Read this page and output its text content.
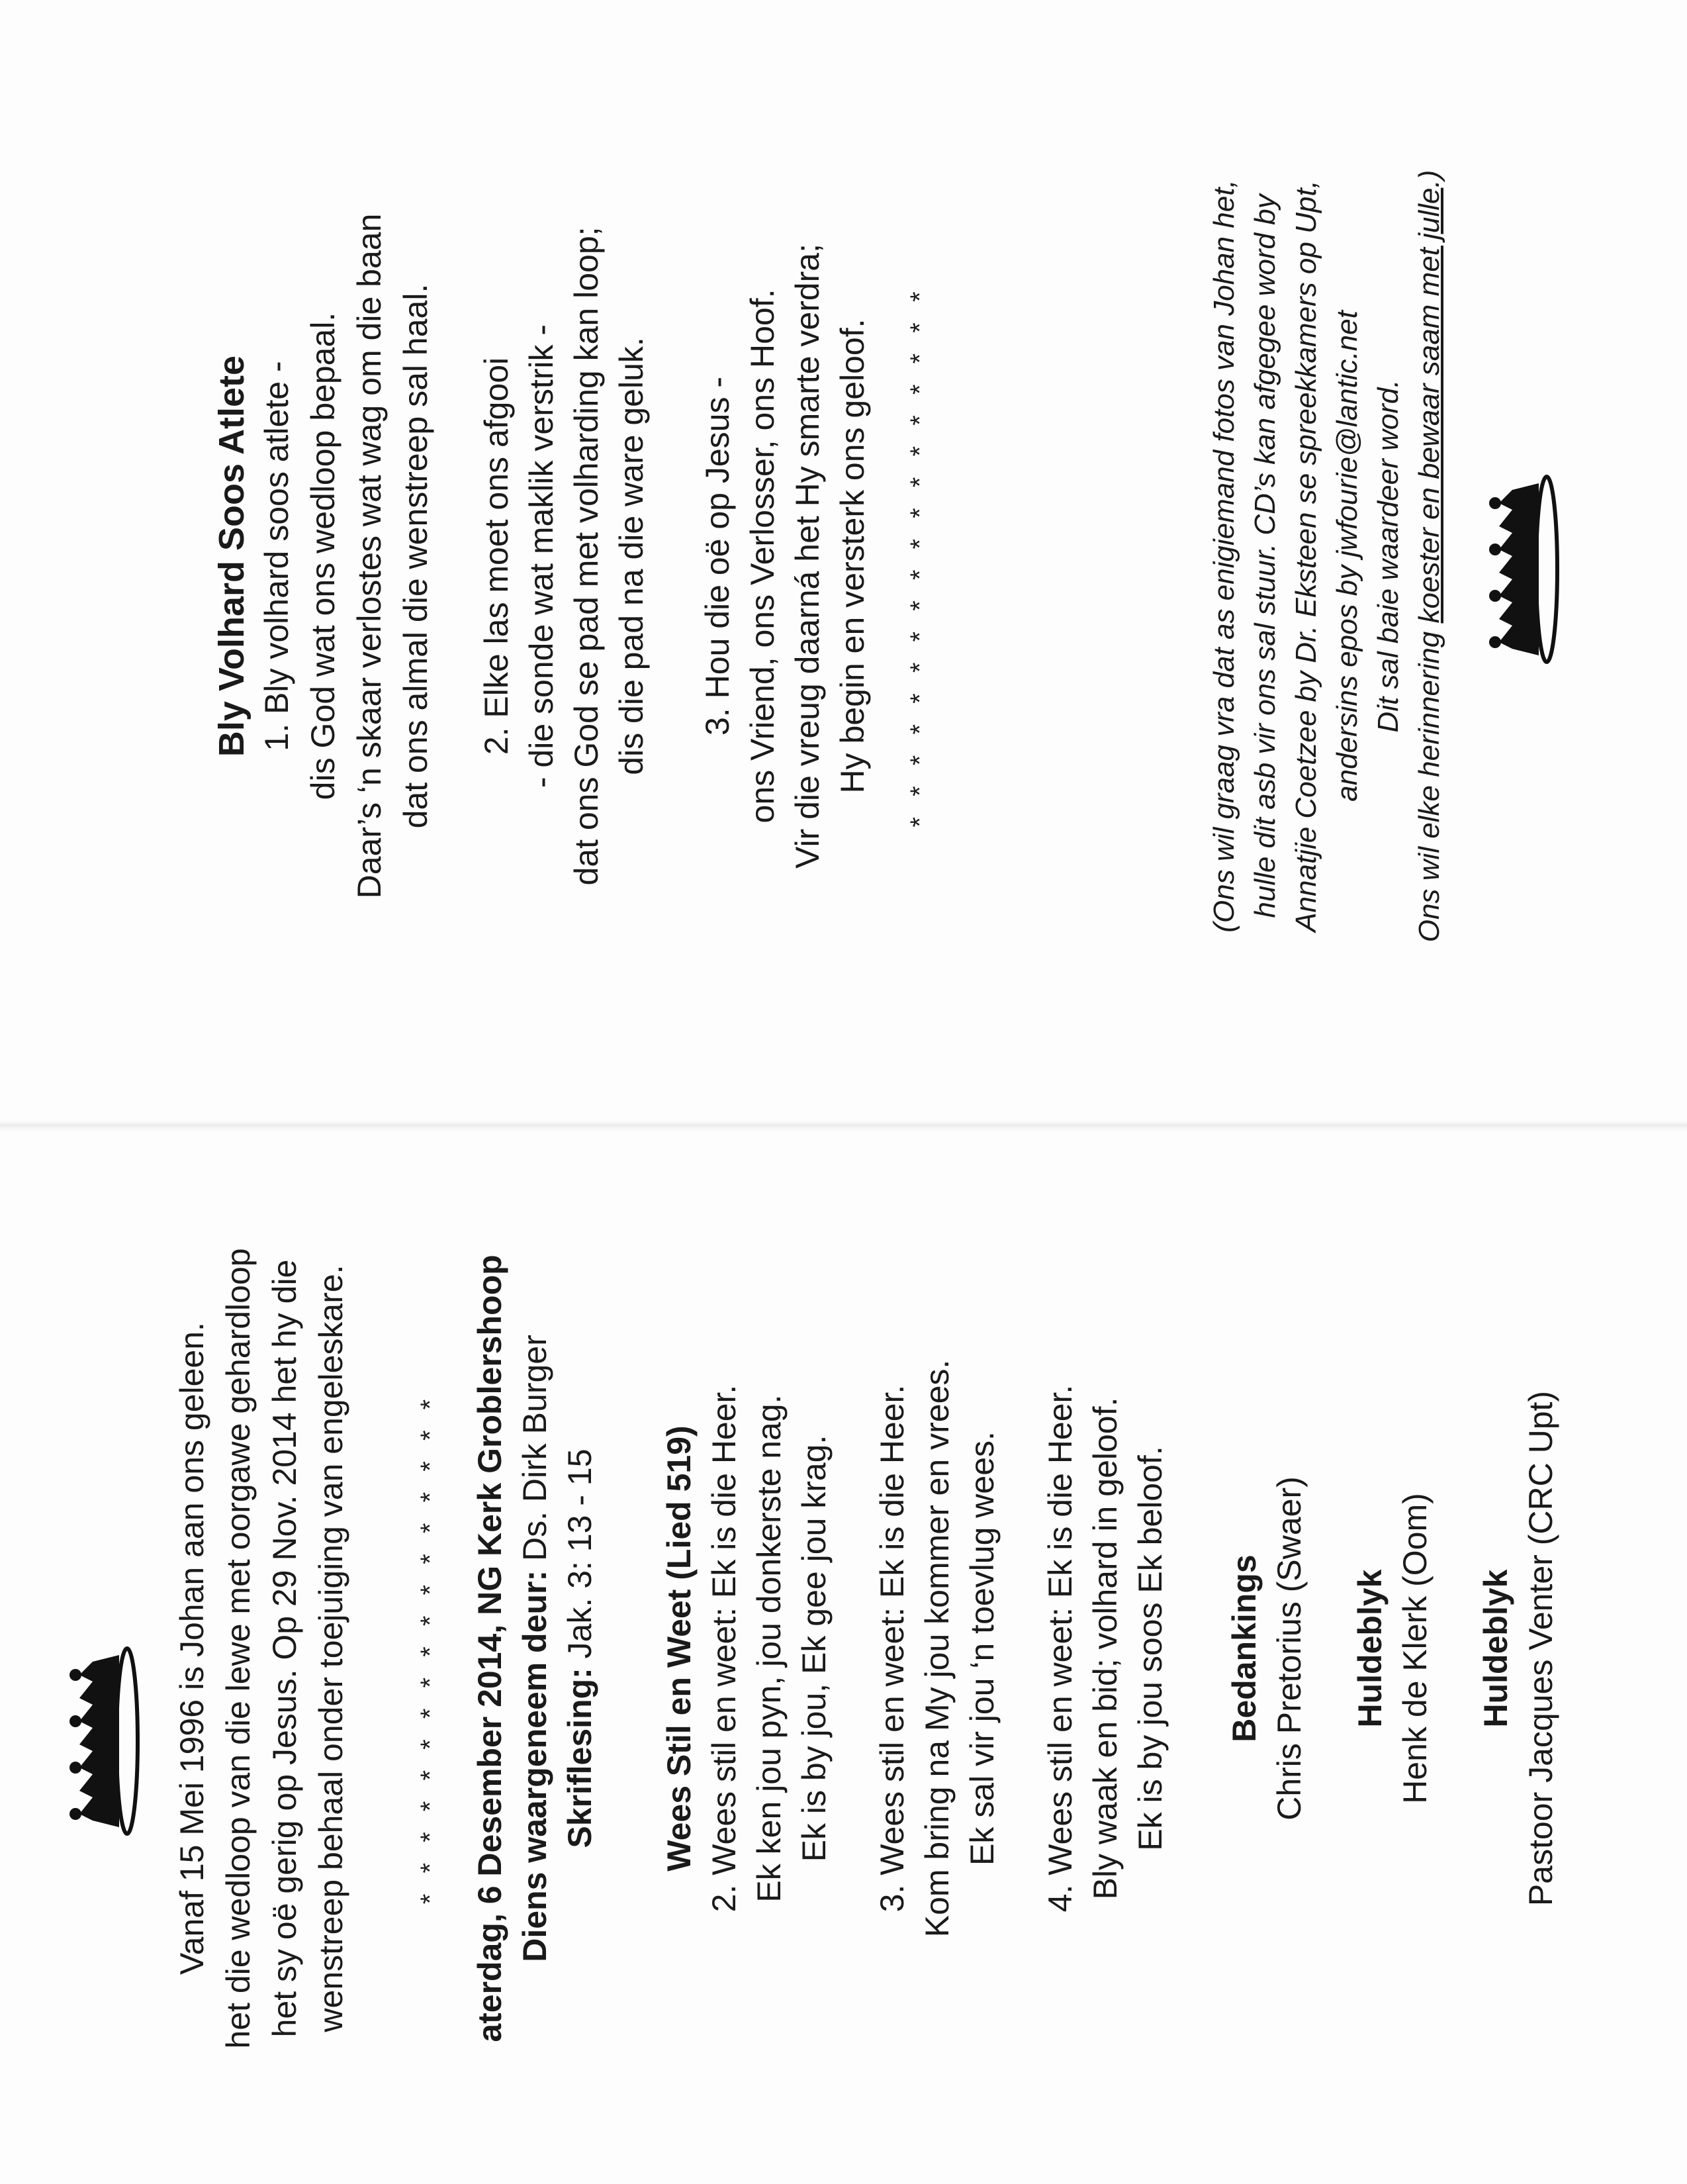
Bly Volhard Soos Atlete 1. Bly volhard soos atlete - dis God wat ons wedloop bepaal. Daar’s ‘n skaar verlostes wat wag om die baan dat ons almal die wenstreep sal haal. 2. Elke las moet ons afgooi - die sonde wat maklik verstrik - dat ons God se pad met volharding kan loop; dis die pad na die ware geluk. 3. Hou die oë op Jesus - ons Vriend, ons Verlosser, ons Hoof. Vir die vreug daarná het Hy smarte verdra; Hy begin en versterk ons geloof. * * * * * * * * * * * * * * * * * *	(Ons wil graag vra dat as enigiemand fotos van Johan het, hulle dit asb vir ons sal stuur. CD’s kan afgegee word by Annatjie Coetzee by Dr. Eksteen se spreekkamers op Upt, andersins epos by jwfourie@lantic.net Dit sal baie waardeer word.
Ons wil elke herinnering koester en bewaar saam met julle.)
Vanaf 15 Mei 1996 is Johan aan ons geleen. het die wedloop van die lewe met oorgawe gehardloop het sy oë gerig op Jesus. Op 29 Nov. 2014 het hy die wenstreep behaal onder toejuiging van engeleskare.	* * * * * * * * * * * * * * * * * aterdag, 6 Desember 2014, NG Kerk Groblershoop Diens waargeneem deur: Ds. Dirk Burger
Skriflesing: Jak. 3: 13 - 15 Wees Stil en Weet (Lied 519) 2. Wees stil en weet: Ek is die Heer. Ek ken jou pyn, jou donkerste nag. Ek is by jou, Ek gee jou krag. 3. Wees stil en weet: Ek is die Heer. Kom bring na My jou kommer en vrees. Ek sal vir jou ‘n toevlug wees. 4. Wees stil en weet: Ek is die Heer. Bly waak en bid; volhard in geloof. Ek is by jou soos Ek beloof. Bedankings Chris Pretorius (Swaer) Huldeblyk Henk de Klerk (Oom) Huldeblyk Pastoor Jacques Venter (CRC Upt)
